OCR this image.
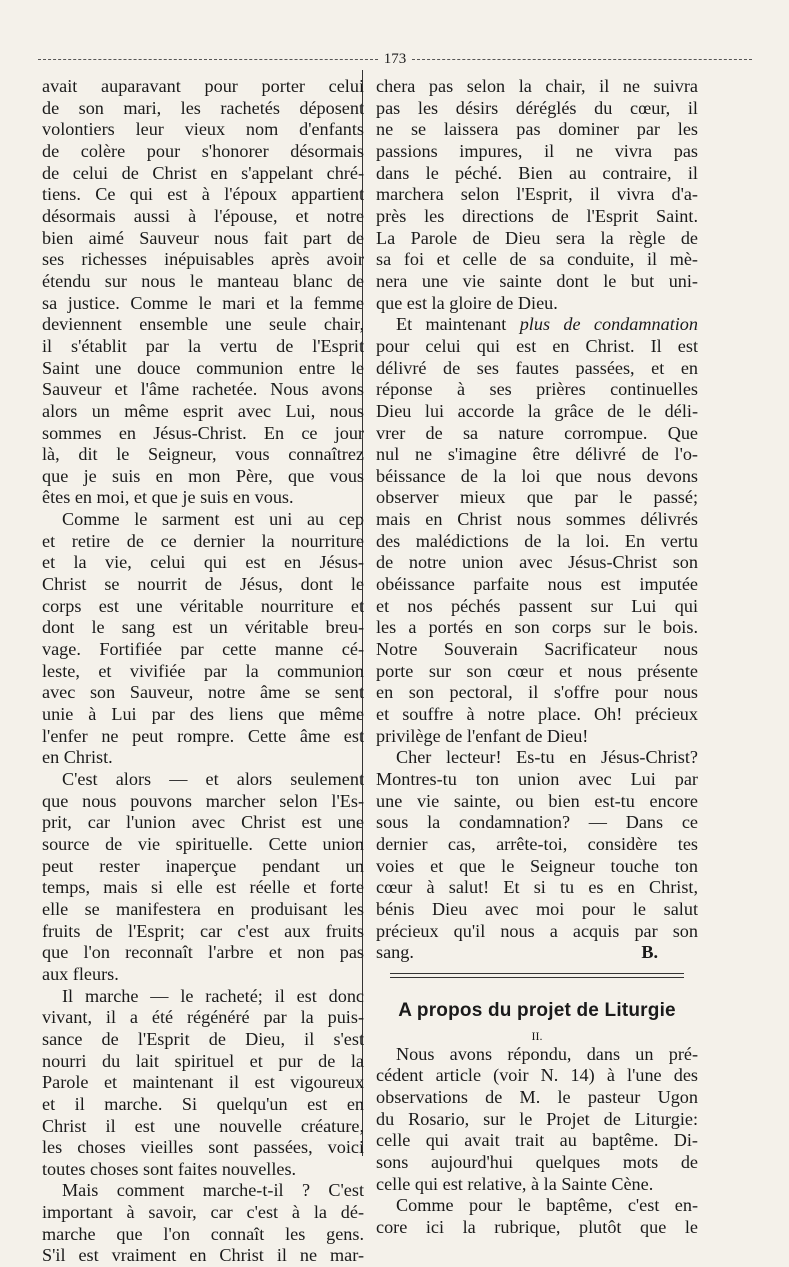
173
avait auparavant pour porter celui
de son mari, les rachetés déposent
volontiers leur vieux nom d'enfants
de colère pour s'honorer désormais
de celui de Christ en s'appelant chré-
tiens. Ce qui est à l'époux appartient
désormais aussi à l'épouse, et notre
bien aimé Sauveur nous fait part de
ses richesses inépuisables après avoir
étendu sur nous le manteau blanc de
sa justice. Comme le mari et la femme
deviennent ensemble une seule chair,
il s'établit par la vertu de l'Esprit
Saint une douce communion entre le
Sauveur et l'âme rachetée. Nous avons
alors un même esprit avec Lui, nous
sommes en Jésus-Christ. En ce jour
là, dit le Seigneur, vous connaîtrez
que je suis en mon Père, que vous
êtes en moi, et que je suis en vous.
Comme le sarment est uni au cep
et retire de ce dernier la nourriture
et la vie, celui qui est en Jésus-
Christ se nourrit de Jésus, dont le
corps est une véritable nourriture et
dont le sang est un véritable breu-
vage. Fortifiée par cette manne cé-
leste, et vivifiée par la communion
avec son Sauveur, notre âme se sent
unie à Lui par des liens que même
l'enfer ne peut rompre. Cette âme est
en Christ.
C'est alors — et alors seulement
que nous pouvons marcher selon l'Es-
prit, car l'union avec Christ est une
source de vie spirituelle. Cette union
peut rester inaperçue pendant un
temps, mais si elle est réelle et forte
elle se manifestera en produisant les
fruits de l'Esprit; car c'est aux fruits
que l'on reconnaît l'arbre et non pas
aux fleurs.
Il marche — le racheté; il est donc
vivant, il a été régénéré par la puis-
sance de l'Esprit de Dieu, il s'est
nourri du lait spirituel et pur de la
Parole et maintenant il est vigoureux
et il marche. Si quelqu'un est en
Christ il est une nouvelle créature,
les choses vieilles sont passées, voici
toutes choses sont faites nouvelles.
Mais comment marche-t-il ? C'est
important à savoir, car c'est à la dé-
marche que l'on connaît les gens.
S'il est vraiment en Christ il ne mar-
chera pas selon la chair, il ne suivra
pas les désirs déréglés du cœur, il
ne se laissera pas dominer par les
passions impures, il ne vivra pas
dans le péché. Bien au contraire, il
marchera selon l'Esprit, il vivra d'a-
près les directions de l'Esprit Saint.
La Parole de Dieu sera la règle de
sa foi et celle de sa conduite, il mè-
nera une vie sainte dont le but uni-
que est la gloire de Dieu.
Et maintenant plus de condamnation
pour celui qui est en Christ. Il est
délivré de ses fautes passées, et en
réponse à ses prières continuelles
Dieu lui accorde la grâce de le déli-
vrer de sa nature corrompue. Que
nul ne s'imagine être délivré de l'o-
béissance de la loi que nous devons
observer mieux que par le passé;
mais en Christ nous sommes délivrés
des malédictions de la loi. En vertu
de notre union avec Jésus-Christ son
obéissance parfaite nous est imputée
et nos péchés passent sur Lui qui
les a portés en son corps sur le bois.
Notre Souverain Sacrificateur nous
porte sur son cœur et nous présente
en son pectoral, il s'offre pour nous
et souffre à notre place. Oh! précieux
privilège de l'enfant de Dieu!
Cher lecteur! Es-tu en Jésus-Christ?
Montres-tu ton union avec Lui par
une vie sainte, ou bien est-tu encore
sous la condamnation? — Dans ce
dernier cas, arrête-toi, considère tes
voies et que le Seigneur touche ton
cœur à salut! Et si tu es en Christ,
bénis Dieu avec moi pour le salut
précieux qu'il nous a acquis par son
sang.	B.
A propos du projet de Liturgie
II.
Nous avons répondu, dans un pré-
cédent article (voir N. 14) à l'une des
observations de M. le pasteur Ugon
du Rosario, sur le Projet de Liturgie:
celle qui avait trait au baptême. Di-
sons aujourd'hui quelques mots de
celle qui est relative, à la Sainte Cène.
Comme pour le baptême, c'est en-
core ici la rubrique, plutôt que le
